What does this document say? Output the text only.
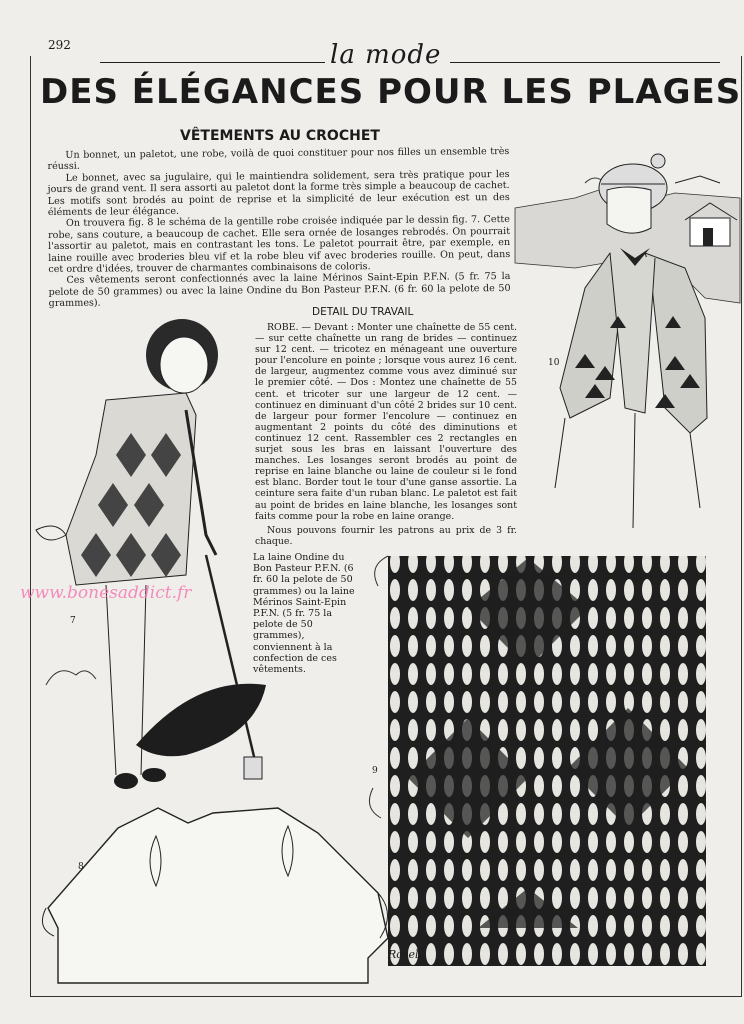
292	la mode
DES ÉLÉGANCES POUR LES PLAGES
VÊTEMENTS AU CROCHET

Un bonnet, un paletot, une robe, voilà de quoi constituer pour nos filles un ensemble très réussi.

Le bonnet, avec sa jugulaire, qui le maintiendra solidement, sera très pratique pour les jours de grand vent. Il sera assorti au paletot dont la forme très simple a beaucoup de cachet. Les motifs sont brodés au point de reprise et la simplicité de leur exécution est un des éléments de leur élégance.

On trouvera fig. 8 le schéma de la gentille robe croisée indiquée par le dessin fig. 7. Cette robe, sans couture, a beaucoup de cachet. Elle sera ornée de losanges rebrodés. On pourrait l'assortir au paletot, mais en contrastant les tons. Le paletot pourrait être, par exemple, en laine rouille avec broderies bleu vif et la robe bleu vif avec broderies rouille. On peut, dans cet ordre d'idées, trouver de charmantes combinaisons de coloris.

Ces vêtements seront confectionnés avec la laine Mérinos Saint-Epin P.F.N. (5 fr. 75 la pelote de 50 grammes) ou avec la laine Ondine du Bon Pasteur P.F.N. (6 fr. 60 la pelote de 50 grammes).

DETAIL DU TRAVAIL

ROBE. — Devant : Monter une chaînette de 55 cent. — sur cette chaînette un rang de brides — continuez sur 12 cent. — tricotez en ménageant une ouverture pour l'encolure en pointe ; lorsque vous aurez 16 cent. de largeur, augmentez comme vous avez diminué sur le premier côté. — Dos : Montez une chaînette de 55 cent. et tricoter sur une largeur de 12 cent. — continuez en diminuant d'un côté 2 brides sur 10 cent. de largeur pour former l'encolure — continuez en augmentant 2 points du côté des diminutions et continuez 12 cent. Rassembler ces 2 rectangles en surjet sous les bras en laissant l'ouverture des manches. Les losanges seront brodés au point de reprise en laine blanche ou laine de couleur si le fond est blanc. Border tout le tour d'une ganse assortie. La ceinture sera faite d'un ruban blanc. Le paletot est fait au point de brides en laine blanche, les losanges sont faits comme pour la robe en laine orange.

Nous pouvons fournir les patrons au prix de 3 fr. chaque.

La laine Ondine du Bon Pasteur P.F.N. (6 fr. 60 la pelote de 50 grammes) ou la laine Mérinos Saint-Epin P.F.N. (5 fr. 75 la pelote de 50 grammes), conviennent à la confection de ces vêtements.
10
7
8
9
Rosel..
www.bonesaddict.fr
